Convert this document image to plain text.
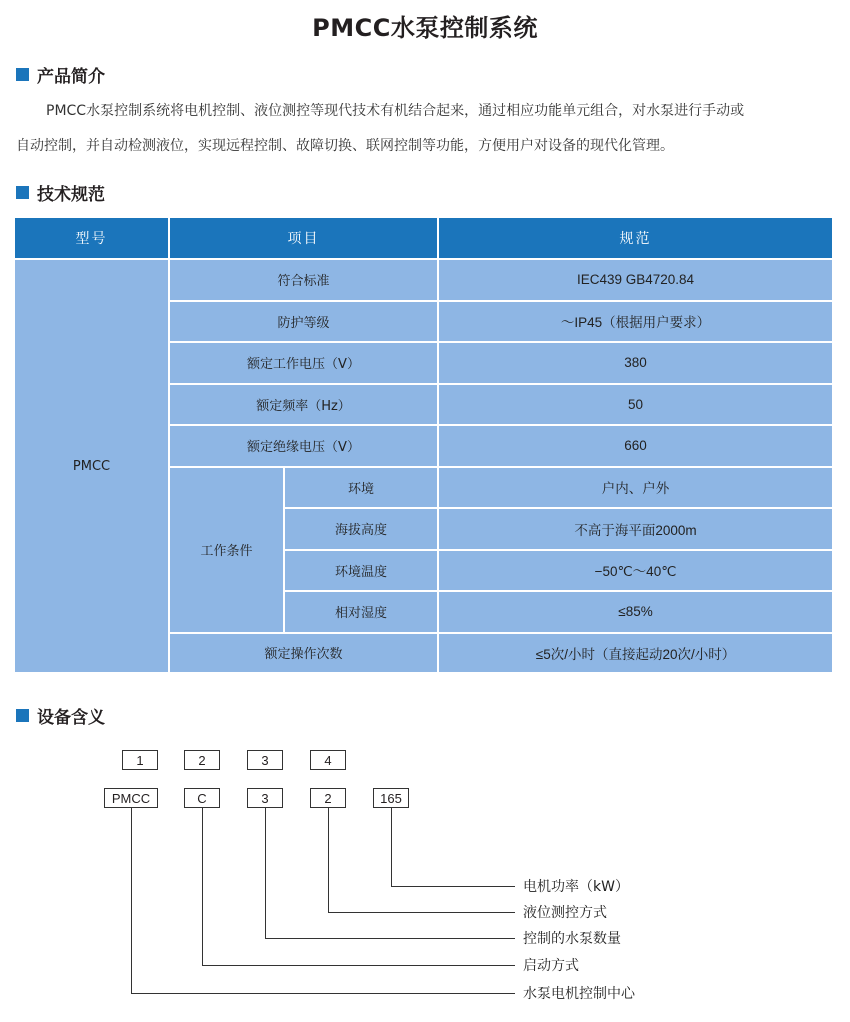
PMCC水泵控制系统
产品简介
PMCC水泵控制系统将电机控制、液位测控等现代技术有机结合起来，通过相应功能单元组合，对水泵进行手动或
自动控制，并自动检测液位，实现远程控制、故障切换、联网控制等功能，方便用户对设备的现代化管理。
技术规范
型号	项目	规范
PMCC
符合标准	IEC439 GB4720.84
防护等级	～IP45（根据用户要求）
额定工作电压（V）	380
额定频率（Hz）	50
额定绝缘电压（V）	660
工作条件
环境	户内、户外
海拔高度	不高于海平面2000m
环境温度	−50℃～40℃
相对湿度	≤85%
额定操作次数	≤5次/小时（直接起动20次/小时）
设备含义
1	2	3	4
PMCC	C	3	2	165
电机功率（kW）
液位测控方式
控制的水泵数量
启动方式
水泵电机控制中心
